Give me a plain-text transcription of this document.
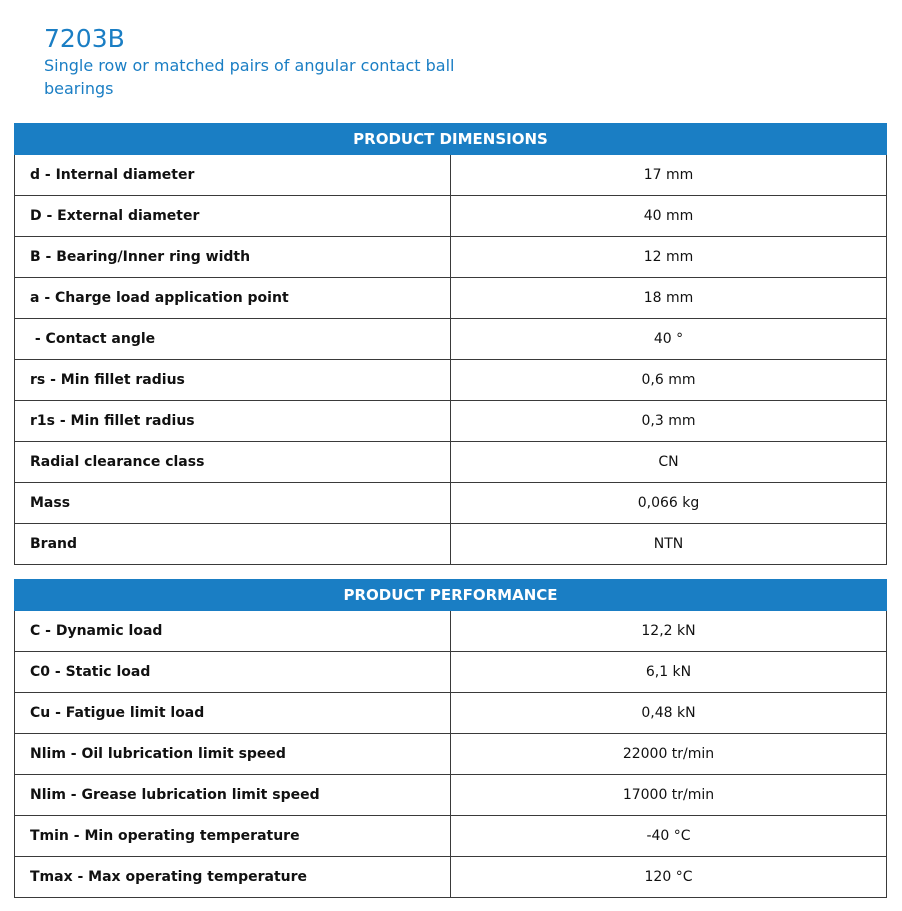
7203B

Single row or matched pairs of angular contact ball bearings

PRODUCT DIMENSIONS	
d - Internal diameter	17 mm
D - External diameter	40 mm
B - Bearing/Inner ring width	12 mm
a - Charge load application point	18 mm
- Contact angle	40 °
rs - Min fillet radius	0,6 mm
r1s - Min fillet radius	0,3 mm
Radial clearance class	CN
Mass	0,066 kg
Brand	NTN
PRODUCT PERFORMANCE	
C - Dynamic load	12,2 kN
C0 - Static load	6,1 kN
Cu - Fatigue limit load	0,48 kN
Nlim - Oil lubrication limit speed	22000 tr/min
Nlim - Grease lubrication limit speed	17000 tr/min
Tmin - Min operating temperature	-40 °C
Tmax - Max operating temperature	120 °C
